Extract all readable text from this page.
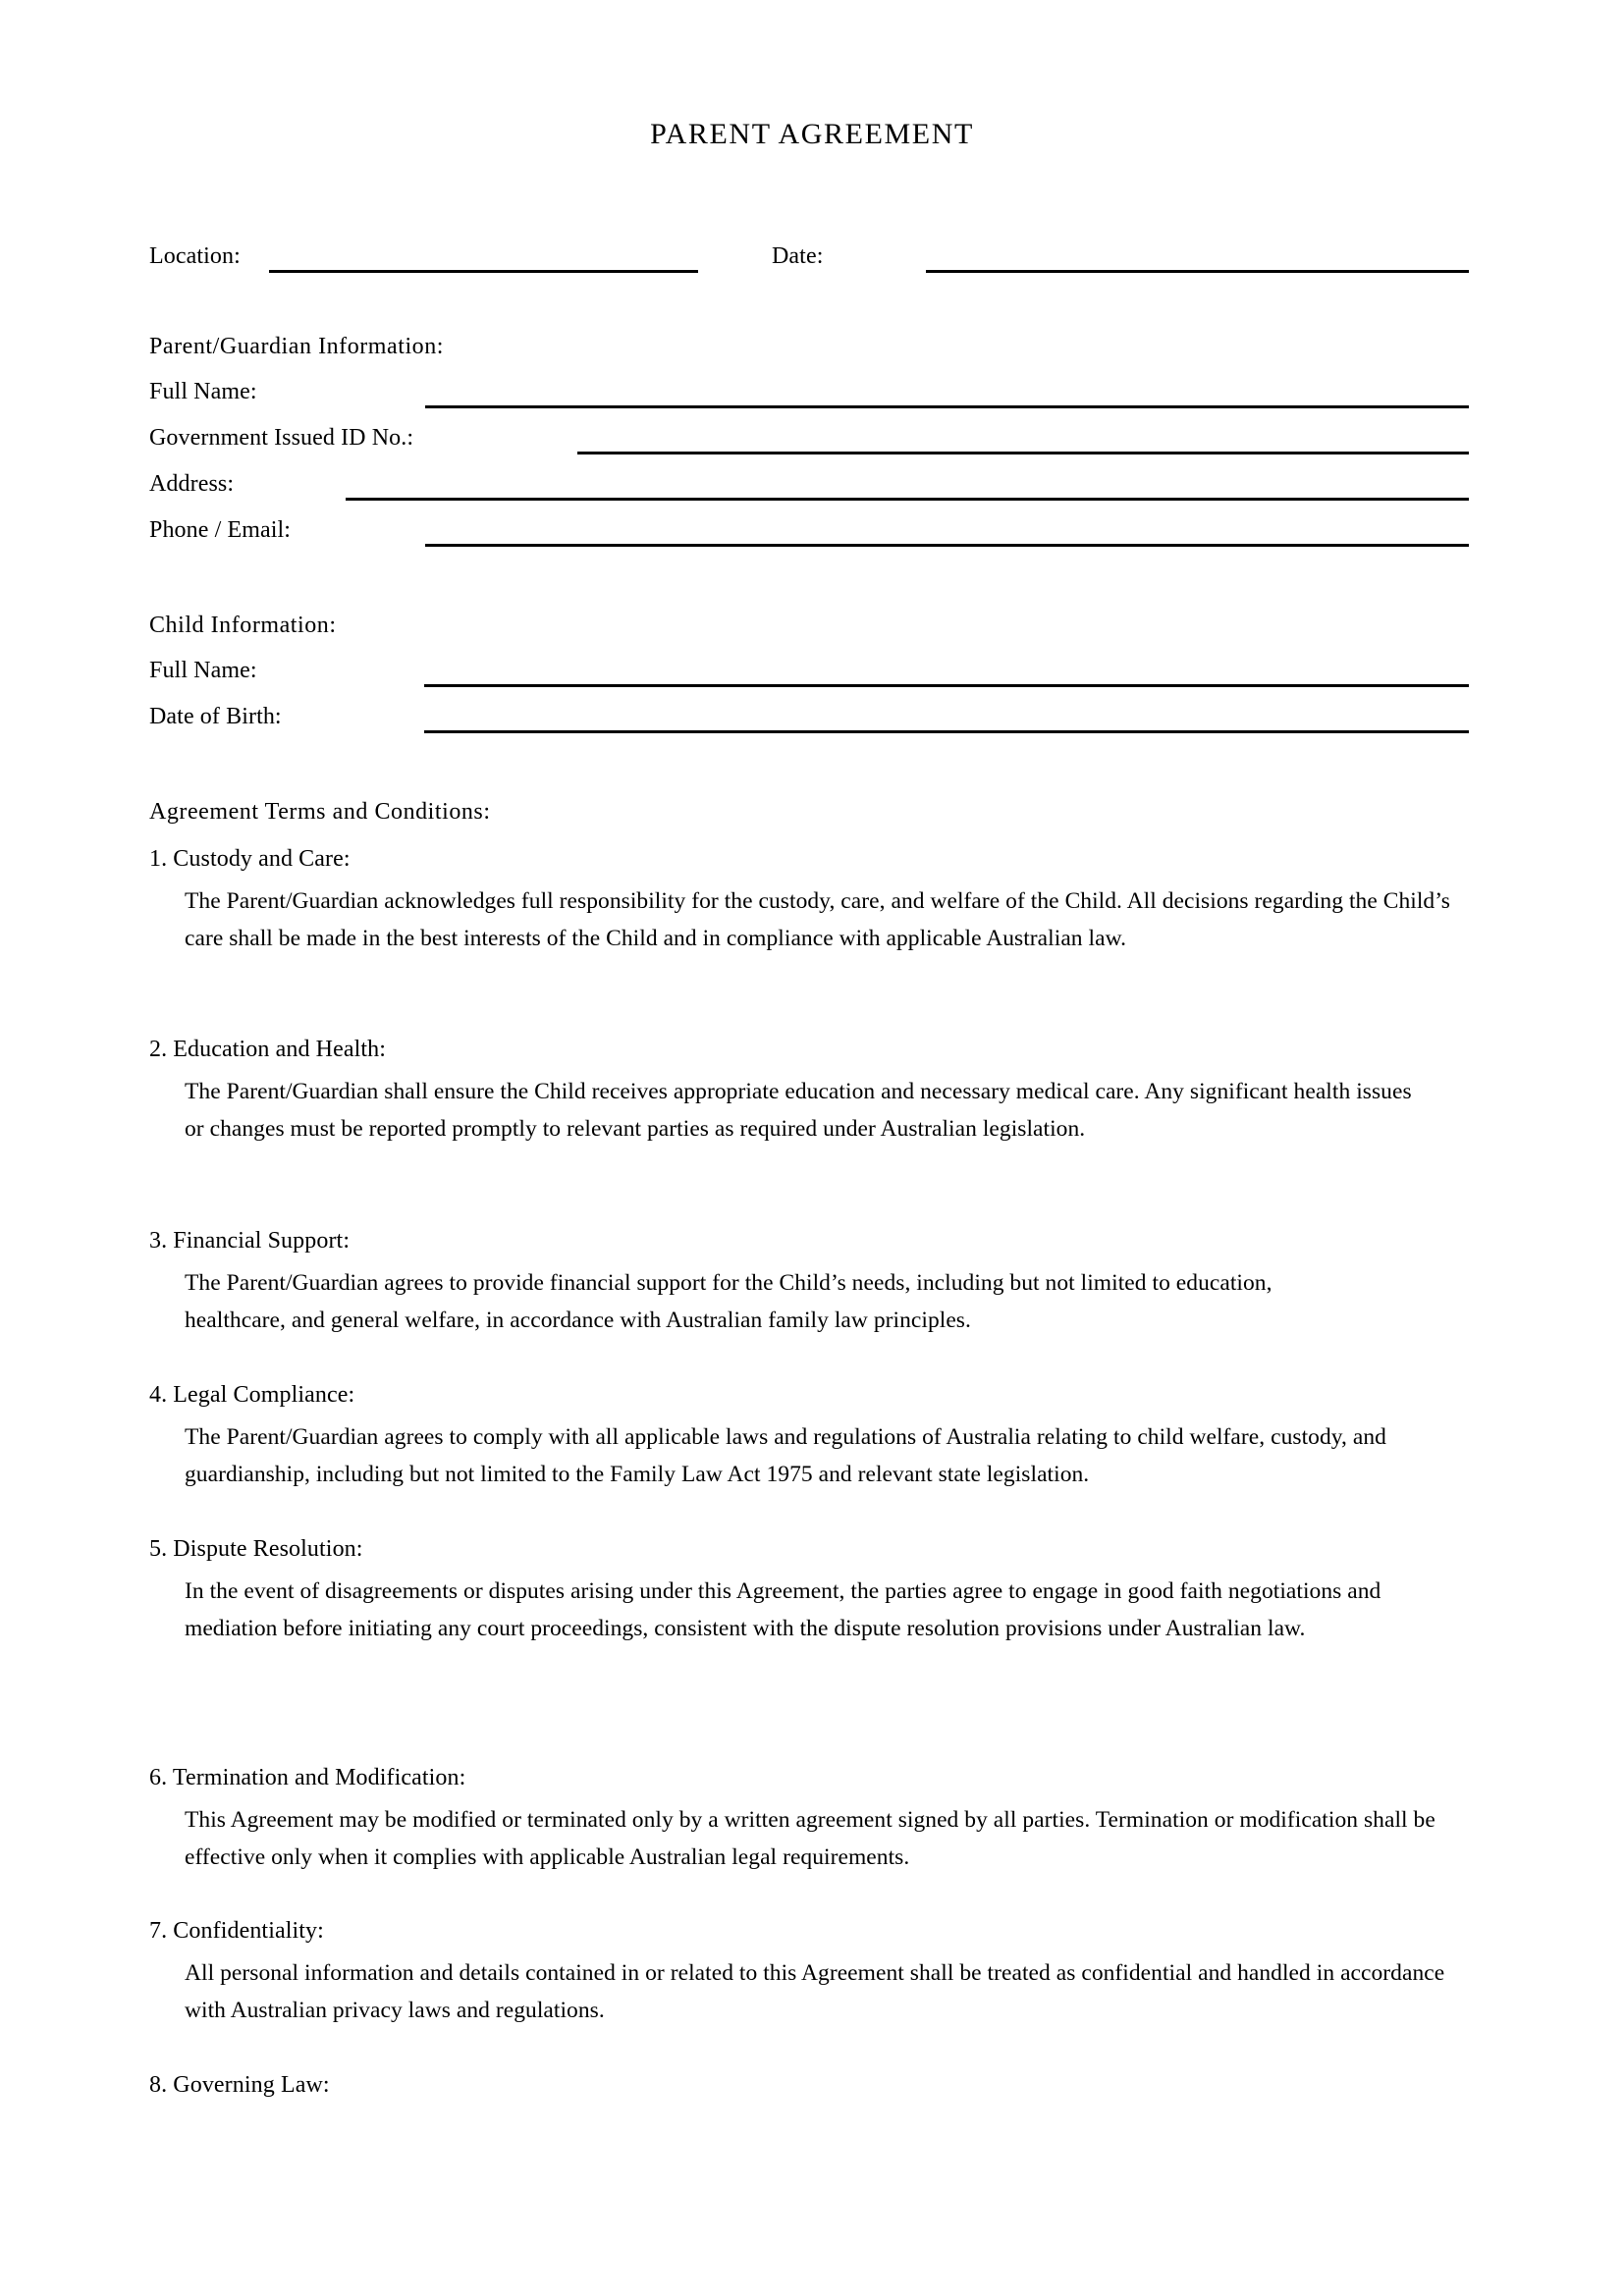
PARENT AGREEMENT
Location:	Date:
Parent/Guardian Information:
Full Name:
Government Issued ID No.:
Address:
Phone / Email:
Child Information:
Full Name:
Date of Birth:
Agreement Terms and Conditions:
1. Custody and Care:
The Parent/Guardian acknowledges full responsibility for the custody, care, and welfare of the Child. All decisions regarding the Child’s care shall be made in the best interests of the Child and in compliance with applicable Australian law.
2. Education and Health:
The Parent/Guardian shall ensure the Child receives appropriate education and necessary medical care. Any significant health issues or changes must be reported promptly to relevant parties as required under Australian legislation.
3. Financial Support:
The Parent/Guardian agrees to provide financial support for the Child’s needs, including but not limited to education, healthcare, and general welfare, in accordance with Australian family law principles.
4. Legal Compliance:
The Parent/Guardian agrees to comply with all applicable laws and regulations of Australia relating to child welfare, custody, and guardianship, including but not limited to the Family Law Act 1975 and relevant state legislation.
5. Dispute Resolution:
In the event of disagreements or disputes arising under this Agreement, the parties agree to engage in good faith negotiations and mediation before initiating any court proceedings, consistent with the dispute resolution provisions under Australian law.
6. Termination and Modification:
This Agreement may be modified or terminated only by a written agreement signed by all parties. Termination or modification shall be effective only when it complies with applicable Australian legal requirements.
7. Confidentiality:
All personal information and details contained in or related to this Agreement shall be treated as confidential and handled in accordance with Australian privacy laws and regulations.
8. Governing Law:
